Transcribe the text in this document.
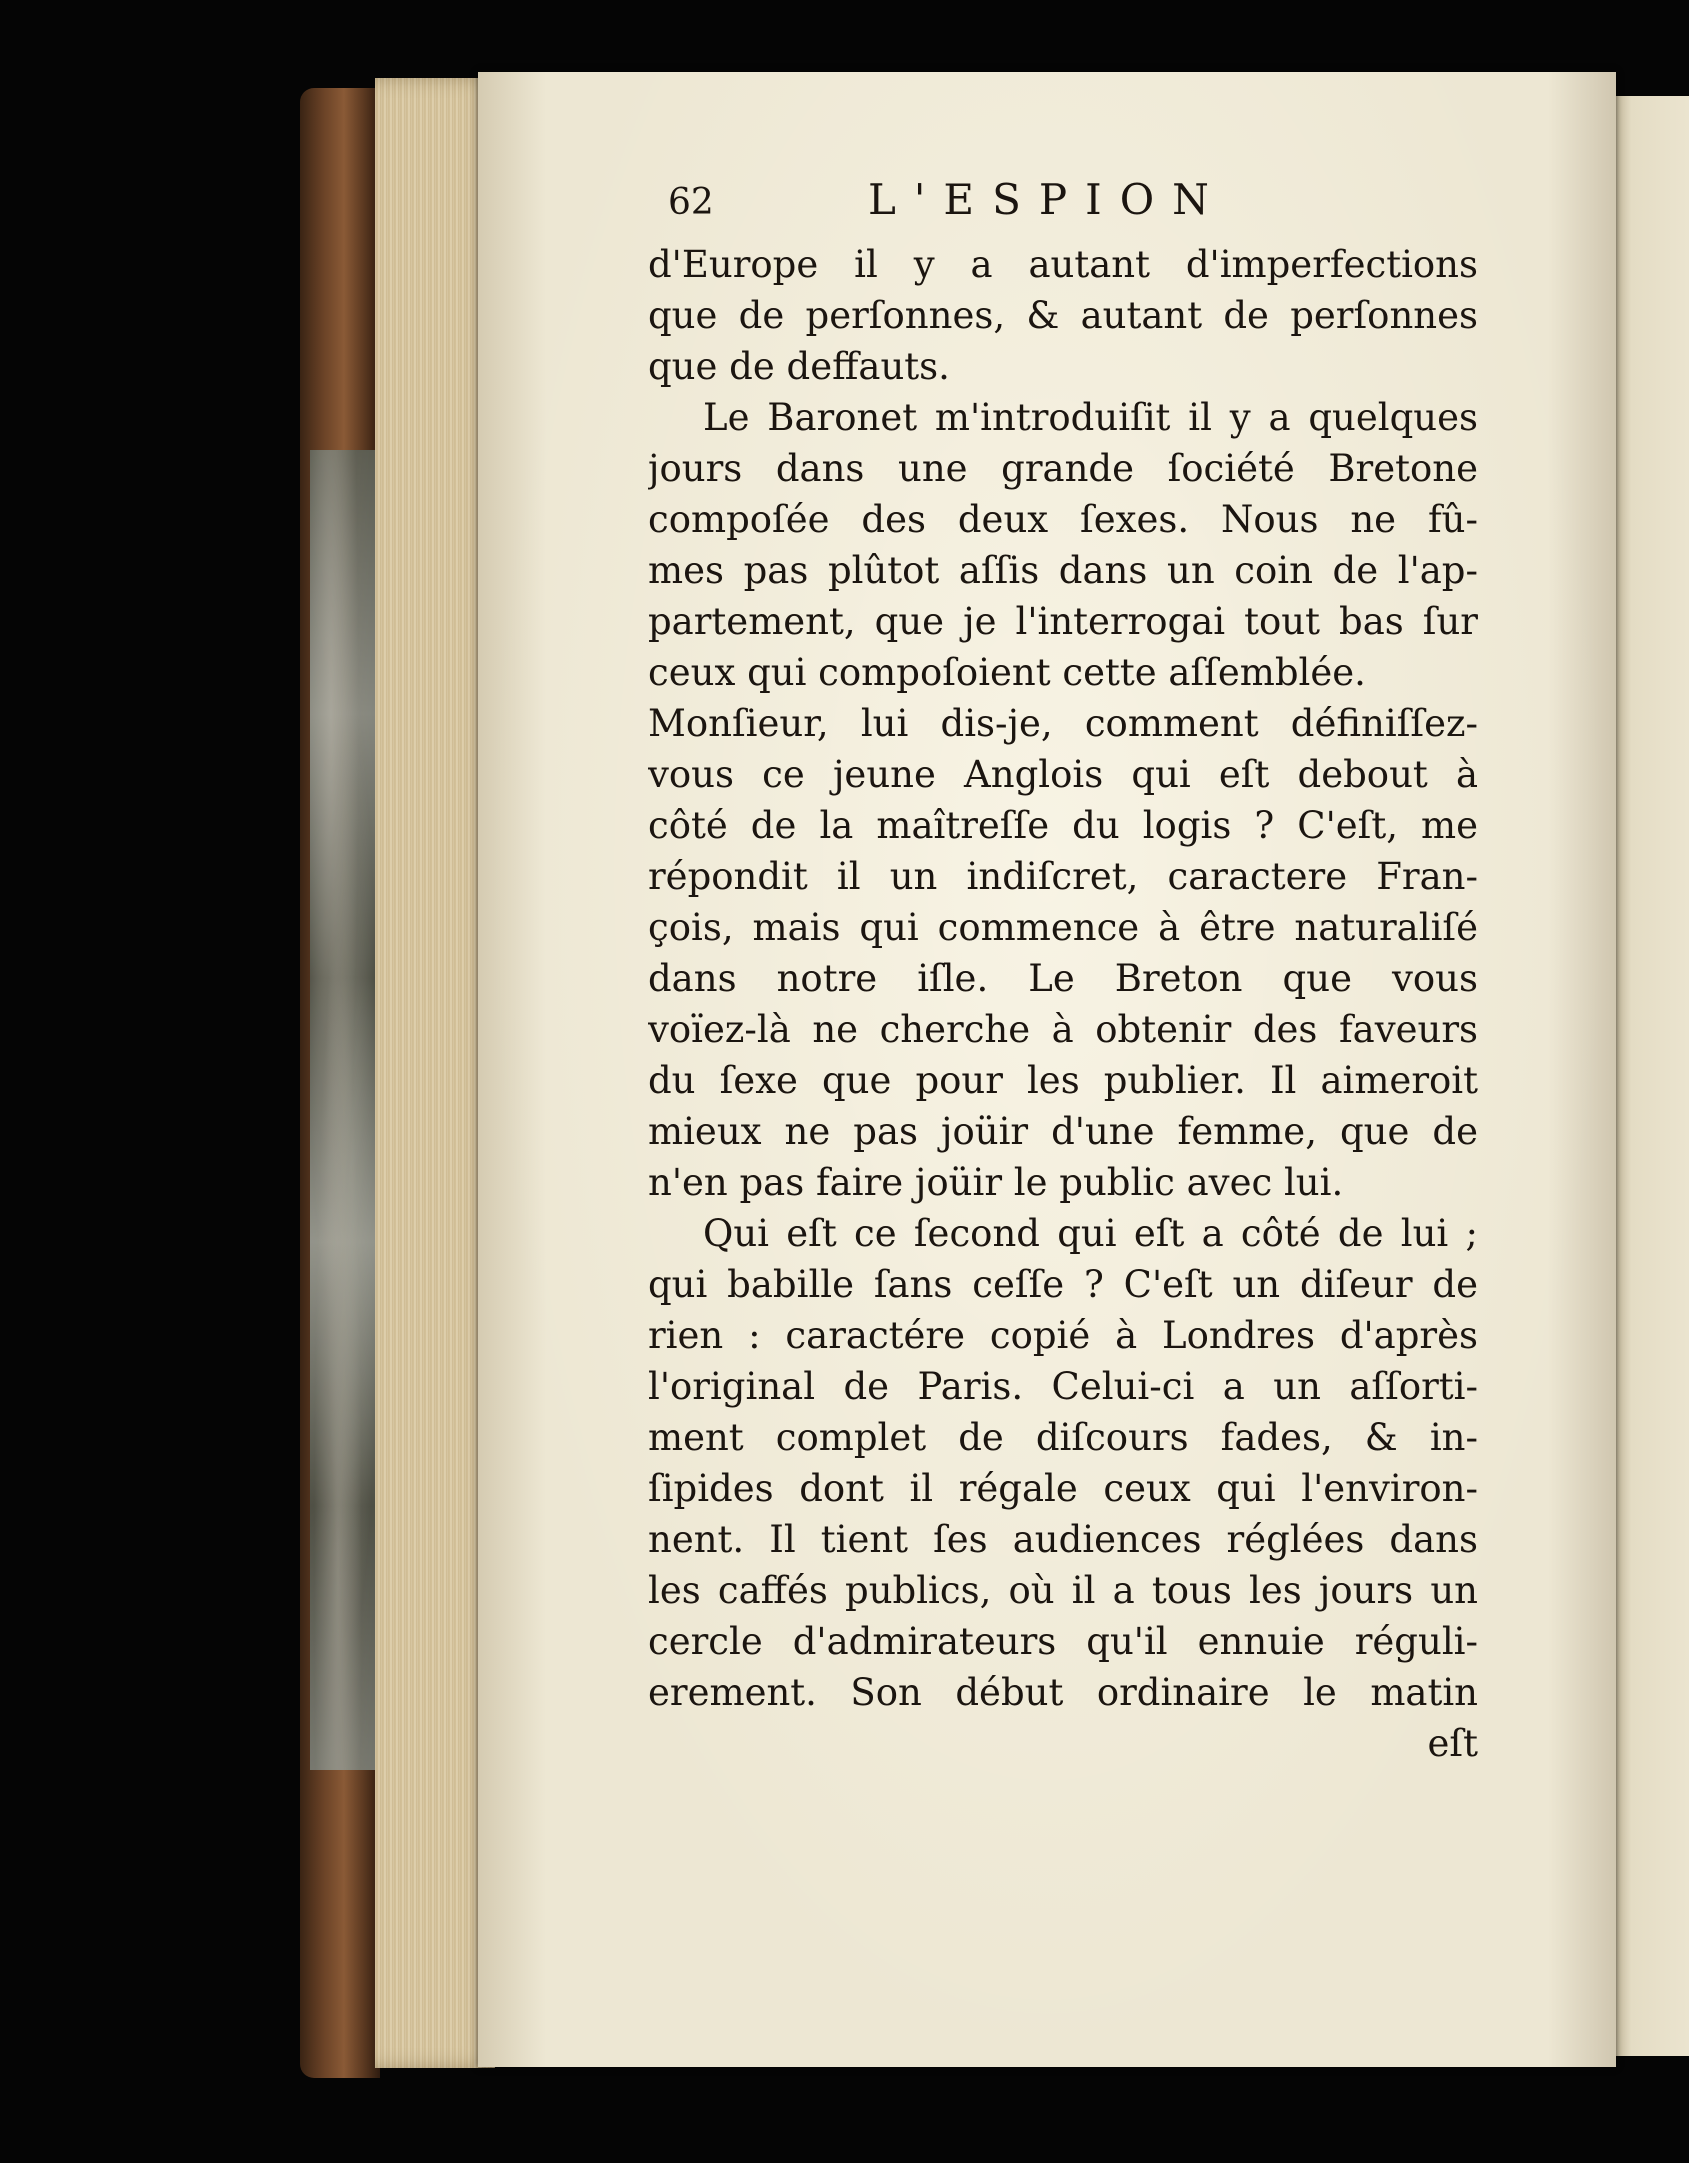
62	L'ESPION
d'Europe il y a autant d'imperfections
que de perſonnes, & autant de perſonnes
que de deffauts.
Le Baronet m'introduiſit il y a quelques
jours dans une grande ſociété Bretone
compoſée des deux ſexes. Nous ne fû-
mes pas plûtot aſſis dans un coin de l'ap-
partement, que je l'interrogai tout bas ſur
ceux qui compoſoient cette aſſemblée.
Monſieur, lui dis-je, comment définiſſez-
vous ce jeune Anglois qui eſt debout à
côté de la maîtreſſe du logis ? C'eſt, me
répondit il un indiſcret, caractere Fran-
çois, mais qui commence à être naturaliſé
dans notre iſle. Le Breton que vous
voïez-là ne cherche à obtenir des faveurs
du ſexe que pour les publier. Il aimeroit
mieux ne pas joüir d'une femme, que de
n'en pas faire joüir le public avec lui.
Qui eſt ce ſecond qui eſt a côté de lui ;
qui babille ſans ceſſe ? C'eſt un diſeur de
rien : caractére copié à Londres d'après
l'original de Paris. Celui-ci a un aſſorti-
ment complet de diſcours fades, & in-
ſipides dont il régale ceux qui l'environ-
nent. Il tient ſes audiences réglées dans
les caffés publics, où il a tous les jours un
cercle d'admirateurs qu'il ennuie réguli-
erement. Son début ordinaire le matin
eſt
